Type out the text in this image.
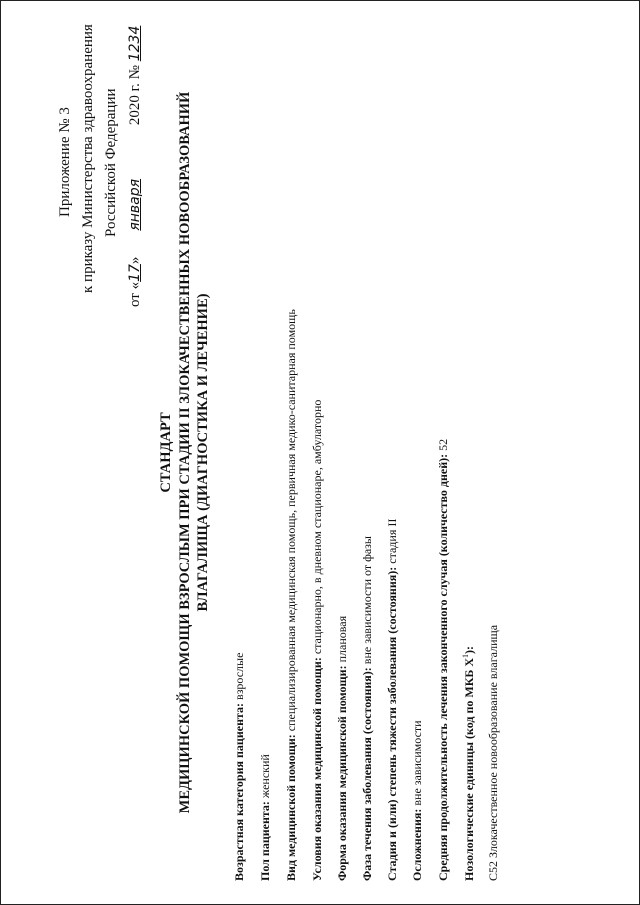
Приложение № 3 к приказу Министерства здравоохранения Российской Федерации
от «17» января 2020 г. № 1234
СТАНДАРТ МЕДИЦИНСКОЙ ПОМОЩИ ВЗРОСЛЫМ ПРИ СТАДИИ II ЗЛОКАЧЕСТВЕННЫХ НОВООБРАЗОВАНИЙ ВЛАГАЛИЩА (ДИАГНОСТИКА И ЛЕЧЕНИЕ)
Возрастная категория пациента: взрослые
Пол пациента: женский Вид медицинской помощи: специализированная медицинская помощь, первичная медико-санитарная помощь
Условия оказания медицинской помощи: стационарно, в дневном стационаре, амбулаторно
Форма оказания медицинской помощи: плановая
Фаза течения заболевания (состояния): вне зависимости от фазы Стадия и (или) степень тяжести заболевания (состояния): стадия II
Осложнения: вне зависимости Средняя продолжительность лечения законченного случая (количество дней): 52
Нозологические единицы (код по МКБ $X^1$): C52 Злокачественное новообразование влагалища
